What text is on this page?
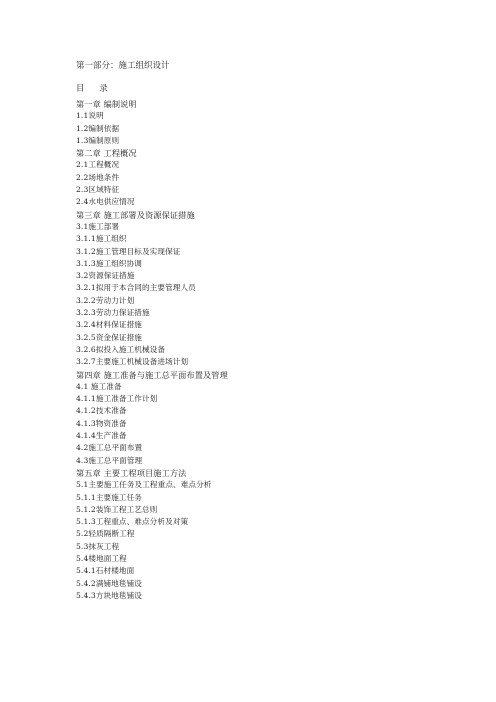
第一部分：施工组织设计
目 录
第一章 编制说明
1.1说明
1.2编制依据
1.3编制原则
第二章 工程概况
2.1工程概况
2.2场地条件
2.3区域特征
2.4水电供应情况
第三章 施工部署及资源保证措施
3.1施工部署
3.1.1施工组织
3.1.2施工管理目标及实现保证
3.1.3施工组织协调
3.2资源保证措施
3.2.1拟用于本合同的主要管理人员
3.2.2劳动力计划
3.2.3劳动力保证措施
3.2.4材料保证措施
3.2.5资金保证措施
3.2.6拟投入施工机械设备
3.2.7主要施工机械设备进场计划
第四章 施工准备与施工总平面布置及管理
4.1 施工准备
4.1.1施工准备工作计划
4.1.2技术准备
4.1.3物资准备
4.1.4生产准备
4.2施工总平面布置
4.3施工总平面管理
第五章 主要工程项目施工方法
5.1主要施工任务及工程重点、难点分析
5.1.1主要施工任务
5.1.2装饰工程工艺总则
5.1.3工程重点、难点分析及对策
5.2轻质隔断工程
5.3抹灰工程
5.4楼地面工程
5.4.1石材楼地面
5.4.2满铺地毯铺设
5.4.3方块地毯铺设
